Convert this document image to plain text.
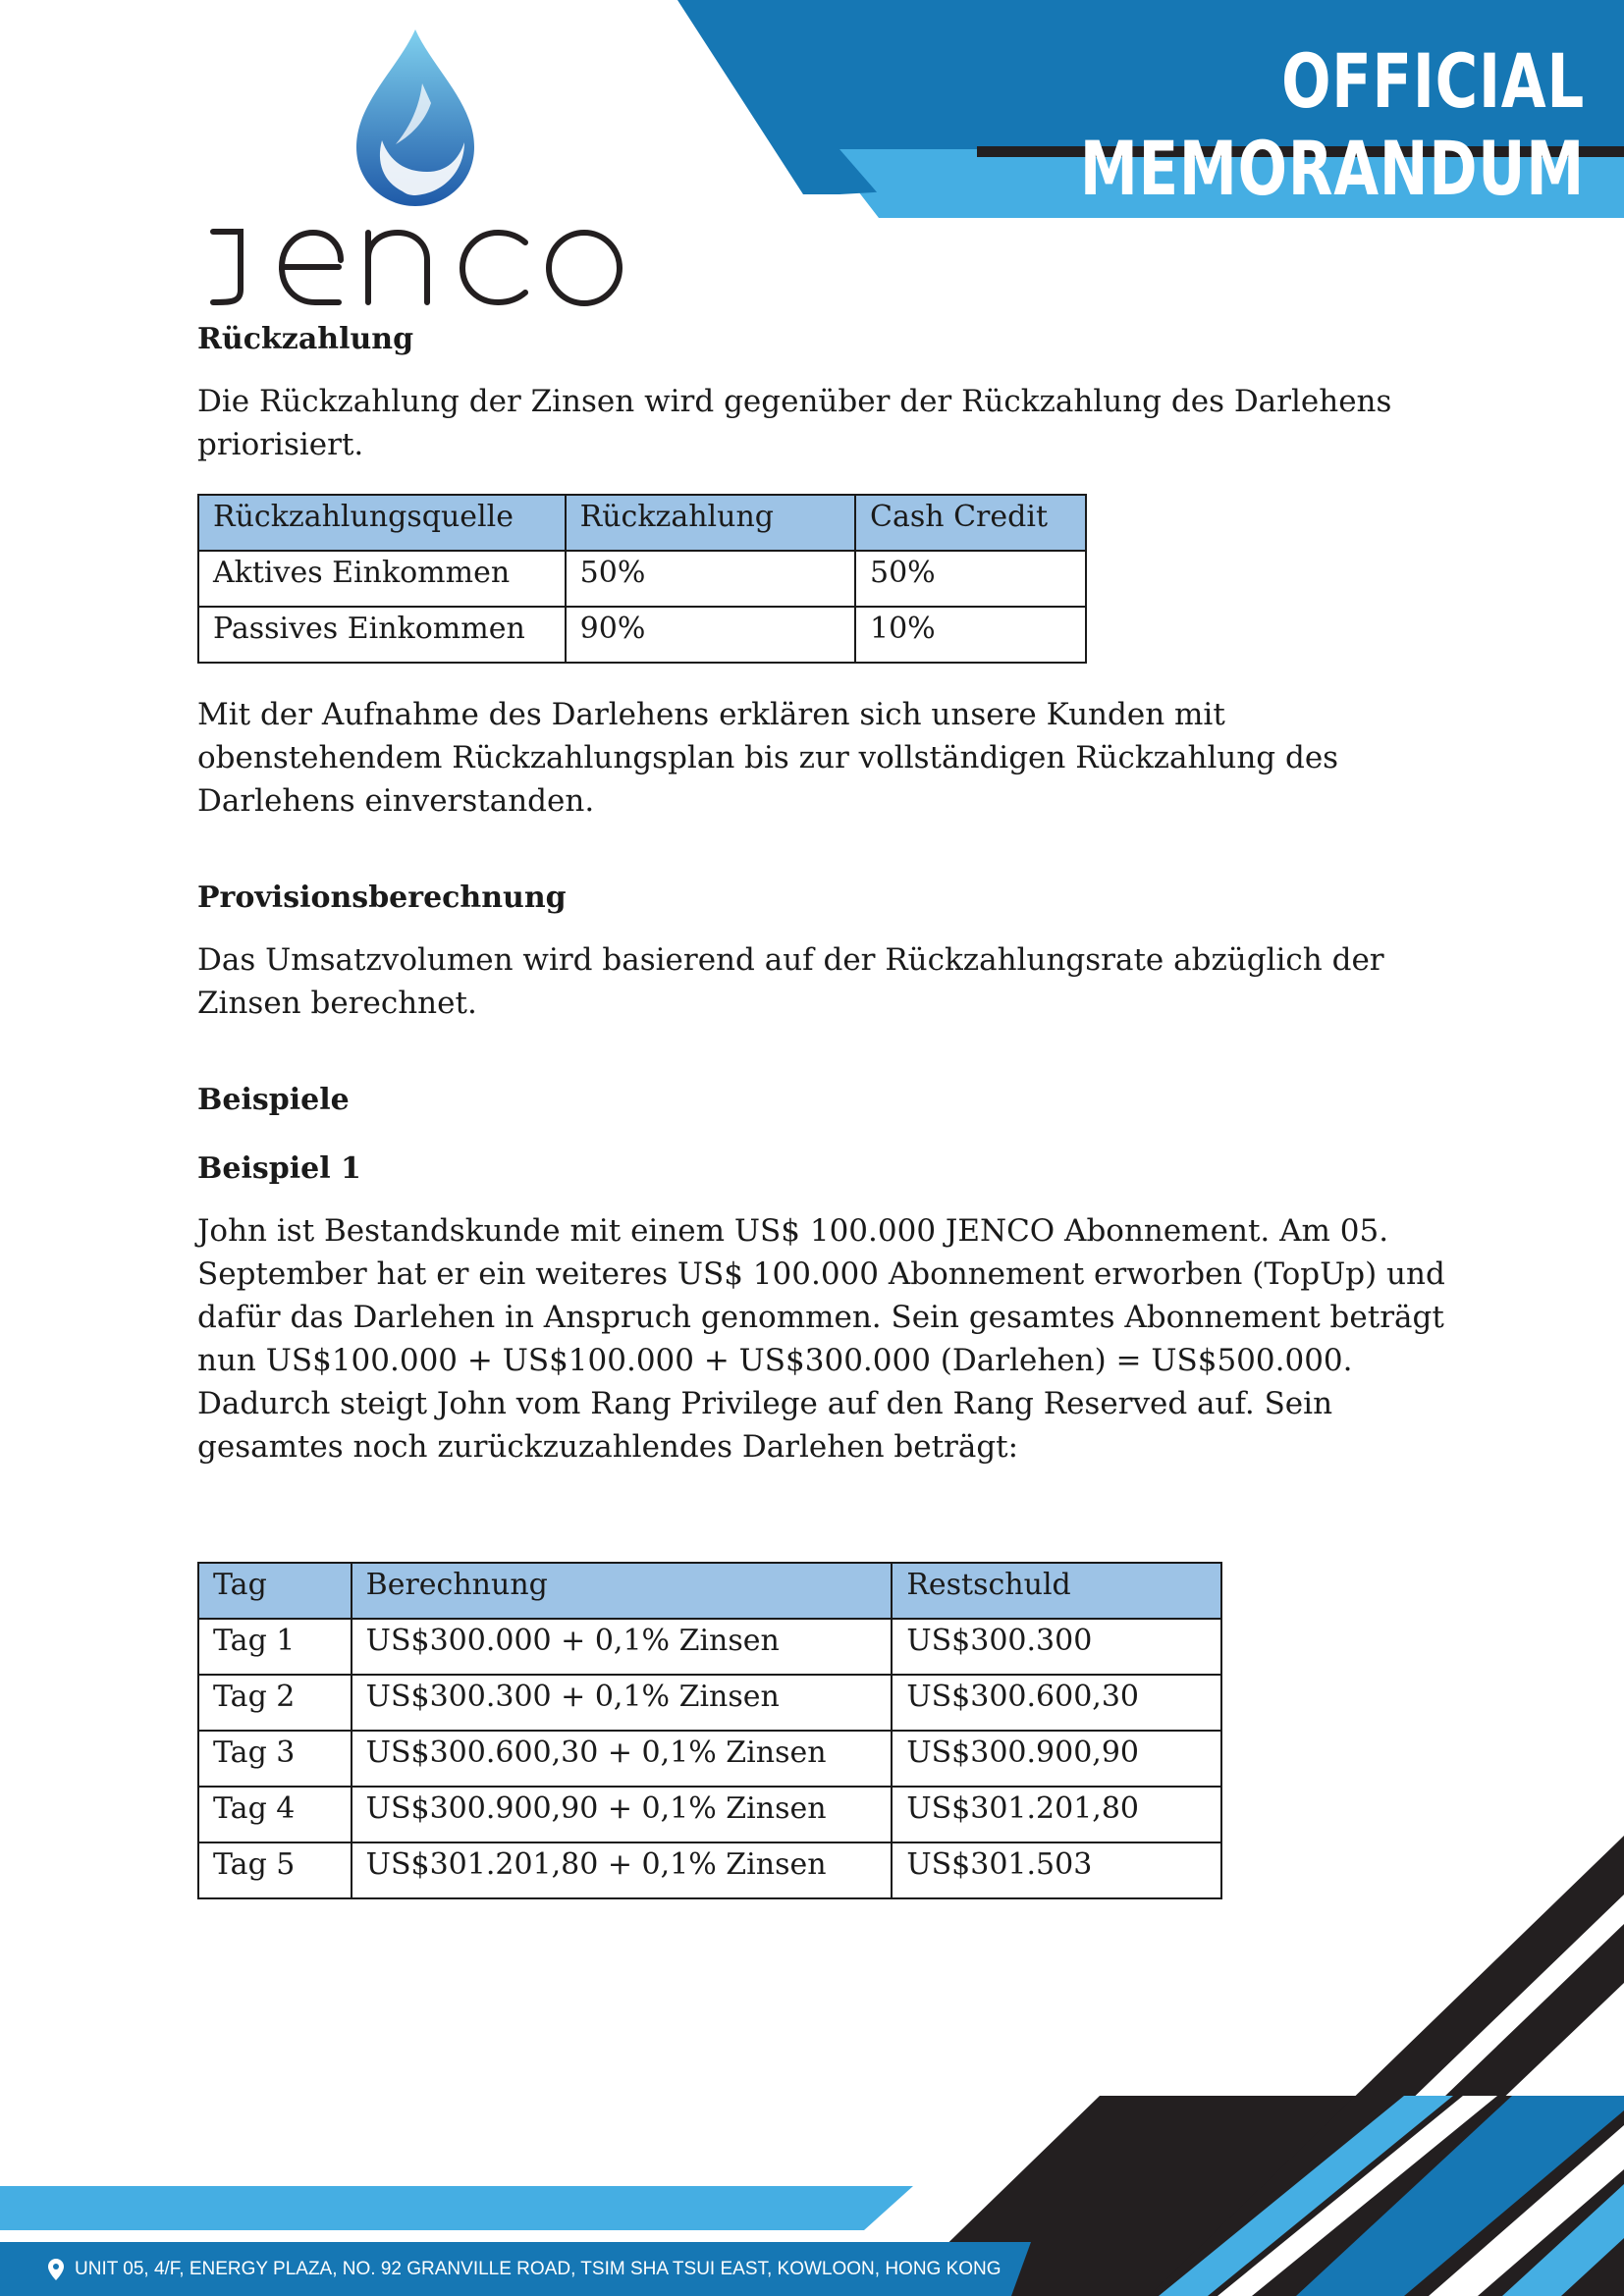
OFFICIAL MEMORANDUM
Rückzahlung

Die Rückzahlung der Zinsen wird gegenüber der Rückzahlung des Darlehens priorisiert.

Rückzahlungsquelle	Rückzahlung	Cash Credit
Aktives Einkommen	50%	50%
Passives Einkommen	90%	10%

Mit der Aufnahme des Darlehens erklären sich unsere Kunden mit obenstehendem Rückzahlungsplan bis zur vollständigen Rückzahlung des Darlehens einverstanden.

Provisionsberechnung

Das Umsatzvolumen wird basierend auf der Rückzahlungsrate abzüglich der Zinsen berechnet.

Beispiele
Beispiel 1

John ist Bestandskunde mit einem US$ 100.000 JENCO Abonnement. Am 05. September hat er ein weiteres US$ 100.000 Abonnement erworben (TopUp) und dafür das Darlehen in Anspruch genommen. Sein gesamtes Abonnement beträgt nun US$100.000 + US$100.000 + US$300.000 (Darlehen) = US$500.000. Dadurch steigt John vom Rang Privilege auf den Rang Reserved auf. Sein gesamtes noch zurückzuzahlendes Darlehen beträgt:

Tag	Berechnung	Restschuld
Tag 1	US$300.000 + 0,1% Zinsen	US$300.300
Tag 2	US$300.300 + 0,1% Zinsen	US$300.600,30
Tag 3	US$300.600,30 + 0,1% Zinsen	US$300.900,90
Tag 4	US$300.900,90 + 0,1% Zinsen	US$301.201,80
Tag 5	US$301.201,80 + 0,1% Zinsen	US$301.503
UNIT 05, 4/F, ENERGY PLAZA, NO. 92 GRANVILLE ROAD, TSIM SHA TSUI EAST, KOWLOON, HONG KONG
